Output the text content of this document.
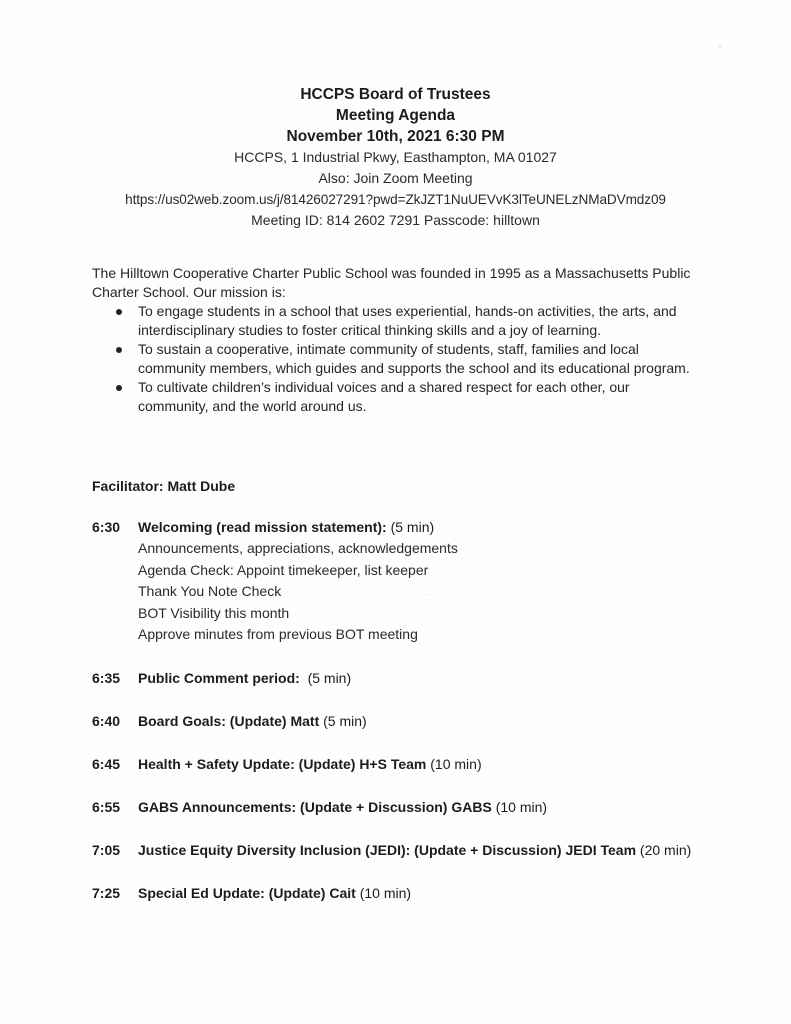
HCCPS Board of Trustees
Meeting Agenda
November 10th, 2021 6:30 PM
HCCPS, 1 Industrial Pkwy, Easthampton, MA 01027
Also: Join Zoom Meeting
https://us02web.zoom.us/j/81426027291?pwd=ZkJZT1NuUEVvK3lTeUNELzNMaDVmdz09
Meeting ID: 814 2602 7291 Passcode: hilltown

The Hilltown Cooperative Charter Public School was founded in 1995 as a Massachusetts Public Charter School. Our mission is:

To engage students in a school that uses experiential, hands-on activities, the arts, and interdisciplinary studies to foster critical thinking skills and a joy of learning.
To sustain a cooperative, intimate community of students, staff, families and local community members, which guides and supports the school and its educational program.
To cultivate children’s individual voices and a shared respect for each other, our community, and the world around us.
Facilitator: Matt Dube
6:30 Welcoming (read mission statement): (5 min)
Announcements, appreciations, acknowledgements
Agenda Check: Appoint timekeeper, list keeper
Thank You Note Check
BOT Visibility this month
Approve minutes from previous BOT meeting
6:35 Public Comment period:  (5 min)
6:40 Board Goals: (Update) Matt (5 min)
6:45 Health + Safety Update: (Update) H+S Team (10 min)
6:55 GABS Announcements: (Update + Discussion) GABS (10 min)
7:05 Justice Equity Diversity Inclusion (JEDI): (Update + Discussion) JEDI Team (20 min)
7:25 Special Ed Update: (Update) Cait (10 min)
